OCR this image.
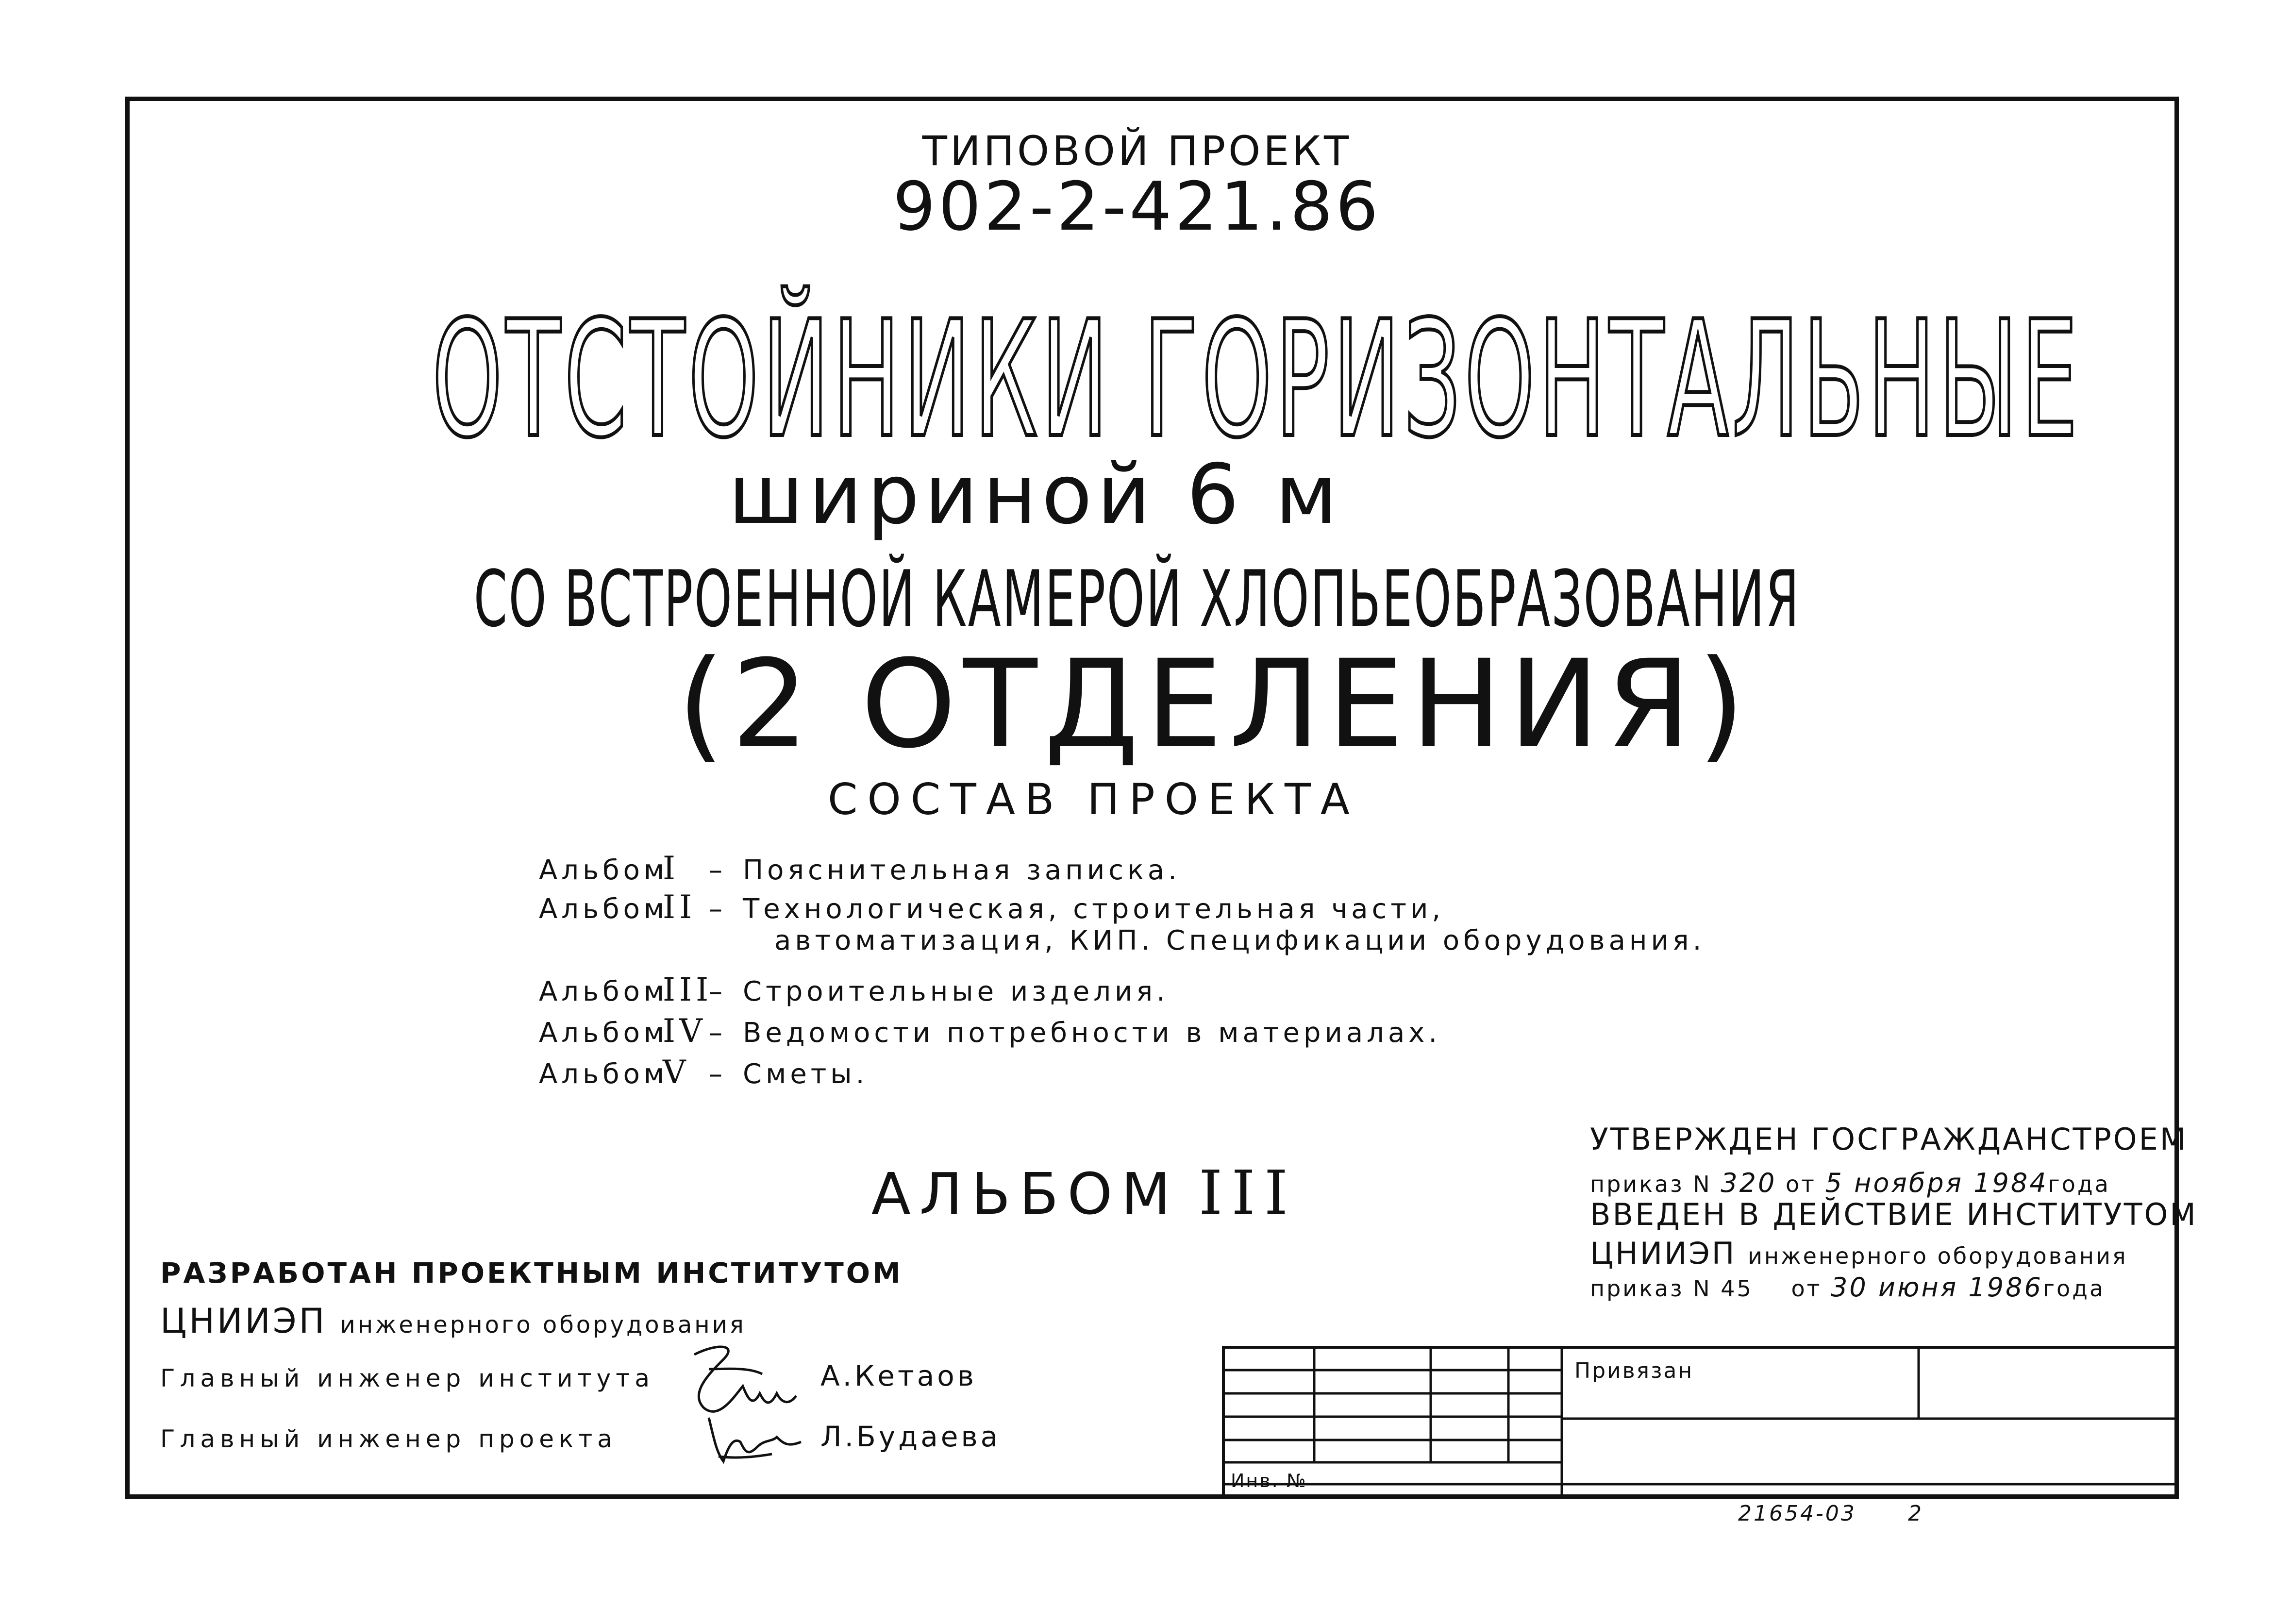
ТИПОВОЙ ПРОЕКТ
902-2-421.86
ОТСТОЙНИКИ ГОРИЗОНТАЛЬНЫЕ
шириной 6 м
СО ВСТРОЕННОЙ КАМЕРОЙ ХЛОПЬЕОБРАЗОВАНИЯ
(2 ОТДЕЛЕНИЯ)
СОСТАВ ПРОЕКТА
АльбомI – Пояснительная записка.
АльбомII – Технологическая, строительная части,
автоматизация, КИП. Спецификации оборудования.
АльбомIII– Строительные изделия.
АльбомIV– Ведомости потребности в материалах.
АльбомV – Сметы.
АЛЬБОМ III
УТВЕРЖДЕН ГОСГРАЖДАНСТРОЕМ
приказ N 320 от 5 ноября 1984года
ВВЕДЕН В ДЕЙСТВИЕ ИНСТИТУТОМ
ЦНИИЭП инженерного оборудования
приказ N 45 от 30 июня 1986года
РАЗРАБОТАН ПРОЕКТНЫМ ИНСТИТУТОМ
ЦНИИЭП инженерного оборудования
Главный инженер института
Главный инженер проекта
А.Кетаов
Л.Будаева
Привязан
Инв. №
21654-03 2
